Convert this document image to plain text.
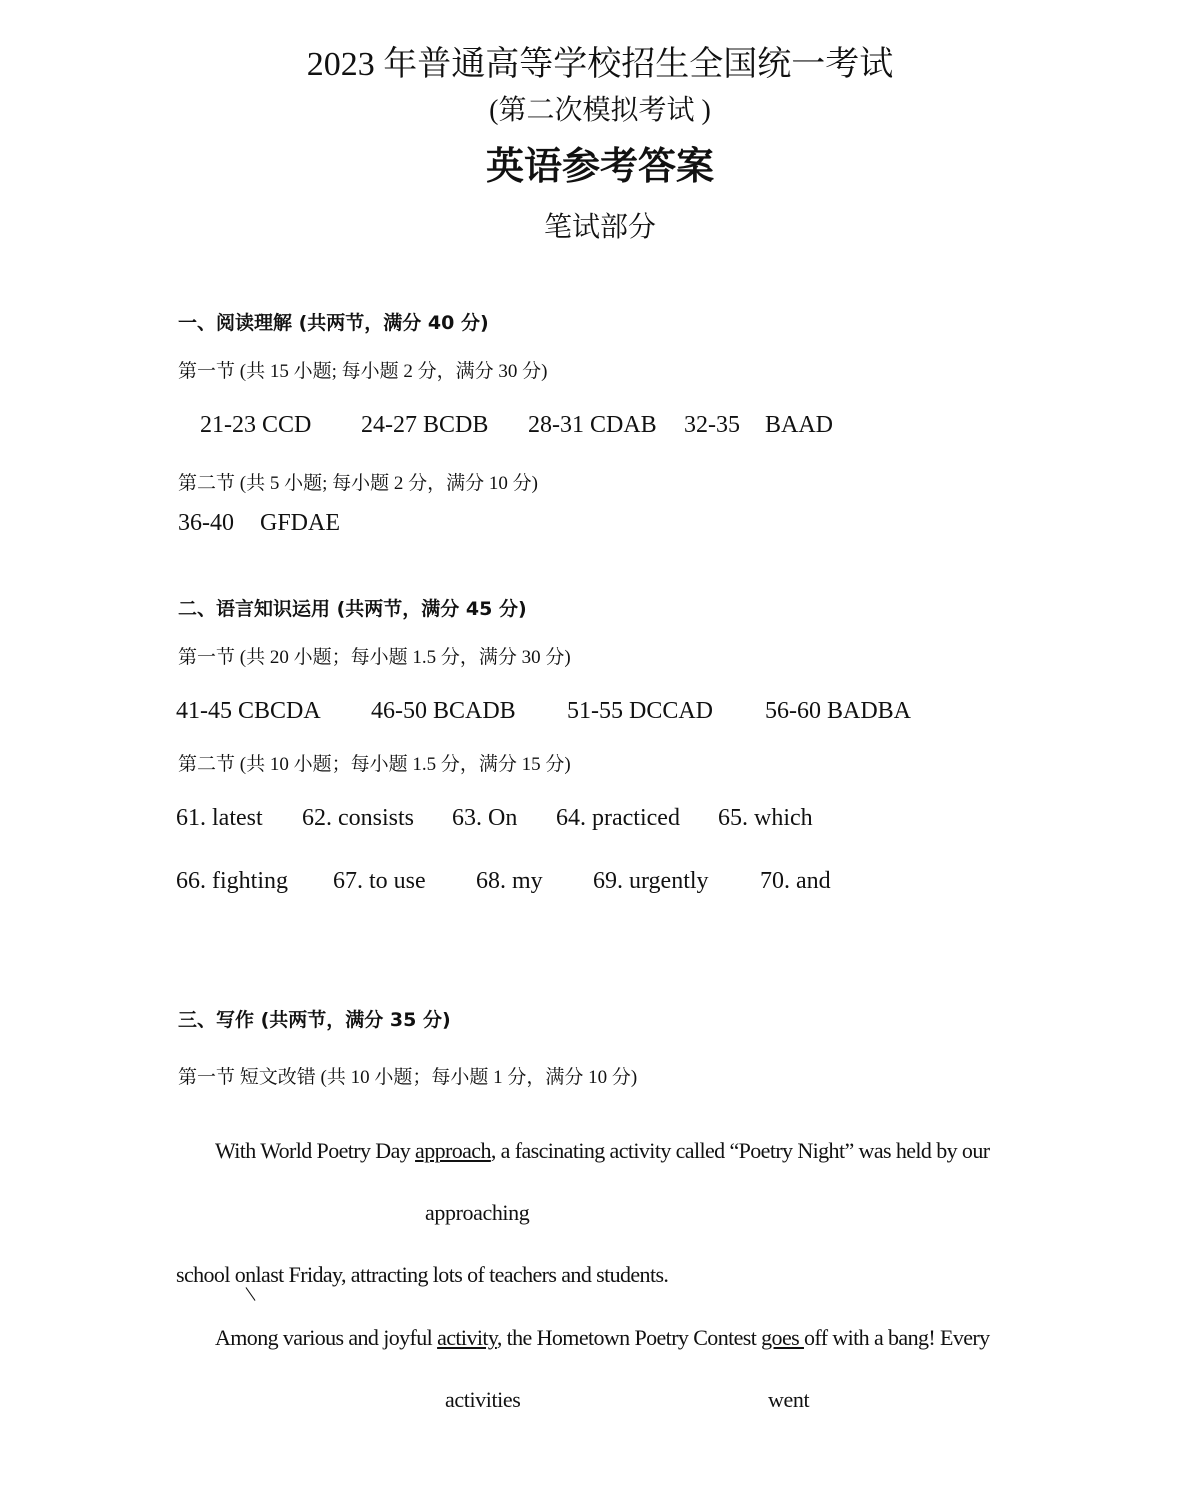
2023 年普通高等学校招生全国统一考试
(第二次模拟考试 )
英语参考答案
笔试部分
一、阅读理解 (共两节，满分 40 分)
第一节 (共 15 小题; 每小题 2 分，满分 30 分)
21-23 CCD 24-27 BCDB 28-31 CDAB 32-35 BAAD
第二节 (共 5 小题; 每小题 2 分，满分 10 分)
36-40 GFDAE
二、语言知识运用 (共两节，满分 45 分)
第一节 (共 20 小题；每小题 1.5 分，满分 30 分)
41-45 CBCDA 46-50 BCADB 51-55 DCCAD 56-60 BADBA
第二节 (共 10 小题；每小题 1.5 分，满分 15 分)
61. latest 62. consists 63. On 64. practiced 65. which
66. fighting 67. to use 68. my 69. urgently 70. and
三、写作 (共两节，满分 35 分)
第一节 短文改错 (共 10 小题；每小题 1 分，满分 10 分)
With World Poetry Day approach, a fascinating activity called “Poetry Night” was held by our
approaching
school onlast Friday, attracting lots of teachers and students.
Among various and joyful activity, the Hometown Poetry Contest goes off with a bang! Every
activities	went
